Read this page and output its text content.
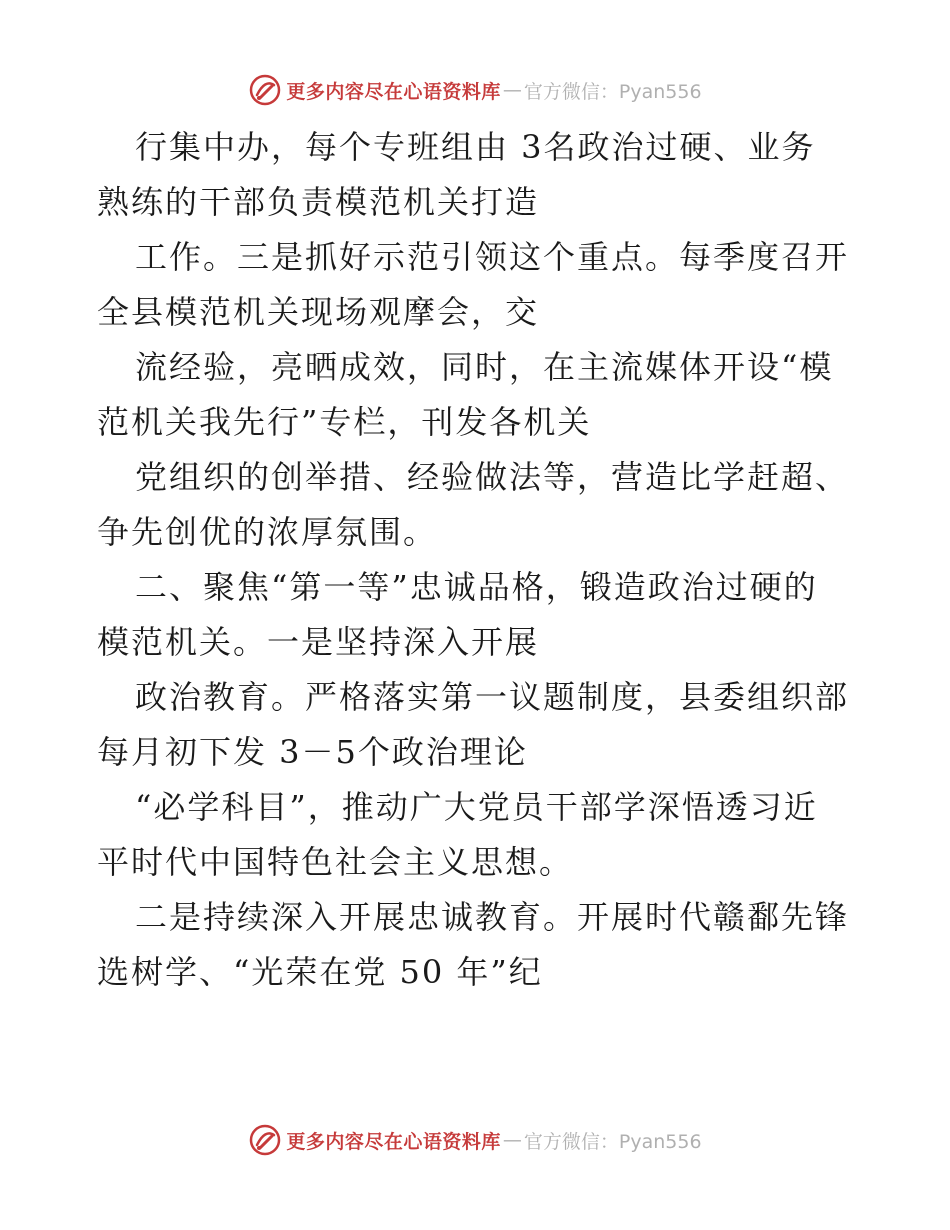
更多内容尽在心语资料库 — 官方微信：Pyan556
行集中办，每个专班组由 3名政治过硬、业务
熟练的干部负责模范机关打造
工作。三是抓好示范引领这个重点。每季度召开
全县模范机关现场观摩会，交
流经验，亮晒成效，同时，在主流媒体开设“模
范机关我先行”专栏，刊发各机关
党组织的创举措、经验做法等，营造比学赶超、
争先创优的浓厚氛围。
二、聚焦“第一等”忠诚品格，锻造政治过硬的
模范机关。一是坚持深入开展
政治教育。严格落实第一议题制度，县委组织部
每月初下发 3－5个政治理论
“必学科目”，推动广大党员干部学深悟透习近
平时代中国特色社会主义思想。
二是持续深入开展忠诚教育。开展时代赣鄱先锋
选树学、“光荣在党 50 年”纪
更多内容尽在心语资料库 — 官方微信：Pyan556
